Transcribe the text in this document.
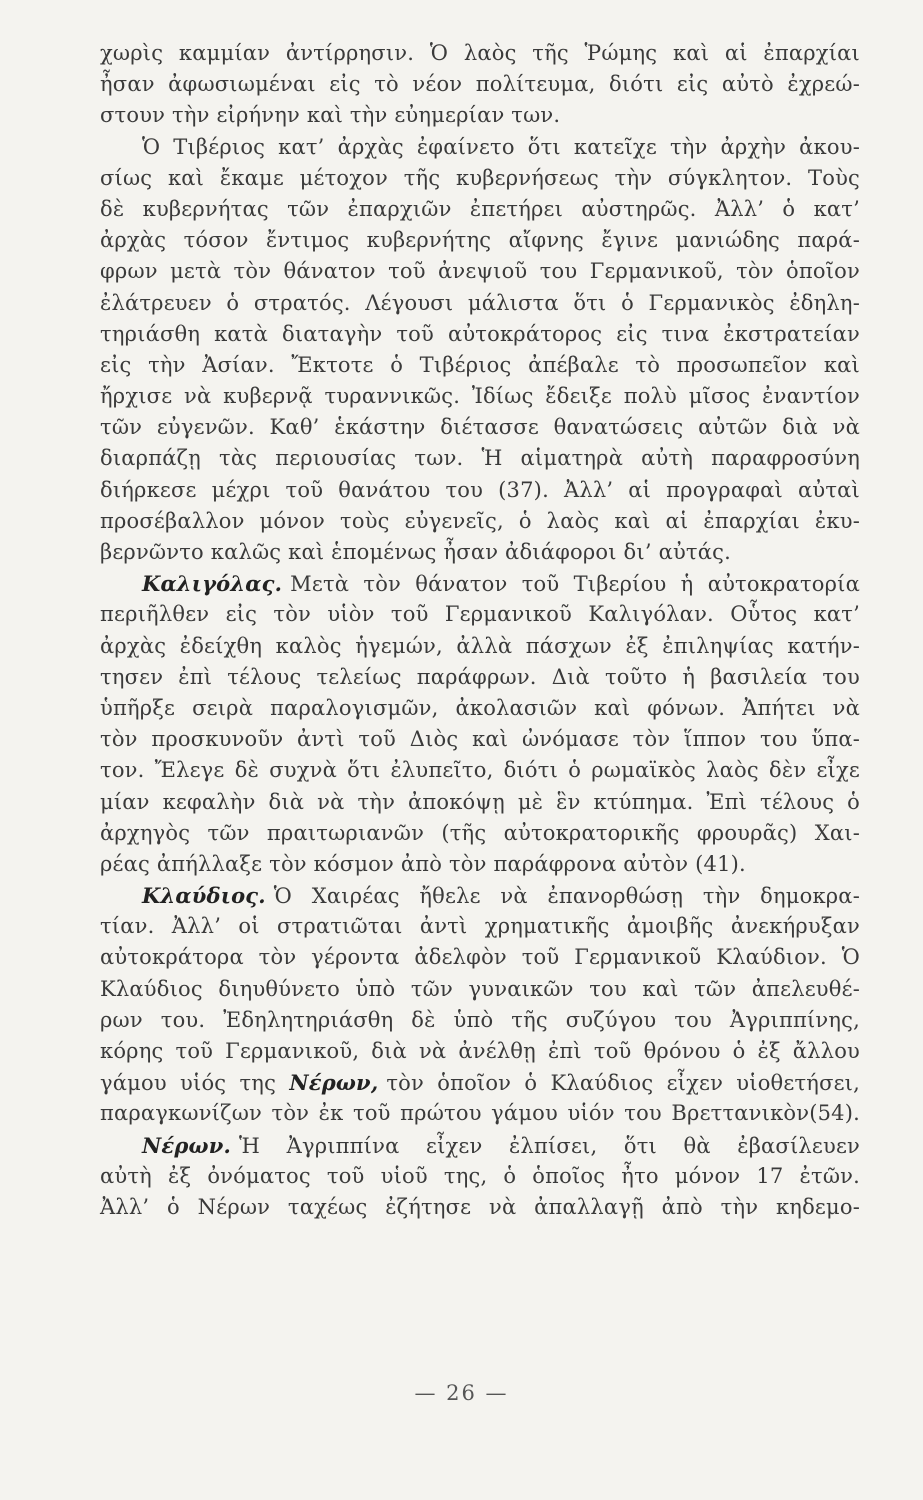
χωρὶς καμμίαν ἀντίρρησιν. Ὁ λαὸς τῆς Ῥώμης καὶ αἱ ἐπαρχίαι
ἦσαν ἀφωσιωμέναι εἰς τὸ νέον πολίτευμα, διότι εἰς αὐτὸ ἐχρεώ-
στουν τὴν εἰρήνην καὶ τὴν εὐημερίαν των.
Ὁ Τιβέριος κατ’ ἀρχὰς ἐφαίνετο ὅτι κατεῖχε τὴν ἀρχὴν ἀκου-
σίως καὶ ἔκαμε μέτοχον τῆς κυβερνήσεως τὴν σύγκλητον. Τοὺς
δὲ κυβερνήτας τῶν ἐπαρχιῶν ἐπετήρει αὐστηρῶς. Ἀλλ’ ὁ κατ’
ἀρχὰς τόσον ἔντιμος κυβερνήτης αἴφνης ἔγινε μανιώδης παρά-
φρων μετὰ τὸν θάνατον τοῦ ἀνεψιοῦ του Γερμανικοῦ, τὸν ὁποῖον
ἐλάτρευεν ὁ στρατός. Λέγουσι μάλιστα ὅτι ὁ Γερμανικὸς ἐδηλη-
τηριάσθη κατὰ διαταγὴν τοῦ αὐτοκράτορος εἰς τινα ἐκστρατείαν
εἰς τὴν Ἀσίαν. Ἔκτοτε ὁ Τιβέριος ἀπέβαλε τὸ προσωπεῖον καὶ
ἤρχισε νὰ κυβερνᾷ τυραννικῶς. Ἰδίως ἔδειξε πολὺ μῖσος ἐναντίον
τῶν εὐγενῶν. Καθ’ ἑκάστην διέτασσε θανατώσεις αὐτῶν διὰ νὰ
διαρπάζῃ τὰς περιουσίας των. Ἡ αἱματηρὰ αὐτὴ παραφροσύνη
διήρκεσε μέχρι τοῦ θανάτου του (37). Ἀλλ’ αἱ προγραφαὶ αὐταὶ
προσέβαλλον μόνον τοὺς εὐγενεῖς, ὁ λαὸς καὶ αἱ ἐπαρχίαι ἐκυ-
βερνῶντο καλῶς καὶ ἑπομένως ἦσαν ἀδιάφοροι δι’ αὐτάς.
Καλιγόλας. Μετὰ τὸν θάνατον τοῦ Τιβερίου ἡ αὐτοκρατορία
περιῆλθεν εἰς τὸν υἱὸν τοῦ Γερμανικοῦ Καλιγόλαν. Οὗτος κατ’
ἀρχὰς ἐδείχθη καλὸς ἡγεμών, ἀλλὰ πάσχων ἐξ ἐπιληψίας κατήν-
τησεν ἐπὶ τέλους τελείως παράφρων. Διὰ τοῦτο ἡ βασιλεία του
ὑπῆρξε σειρὰ παραλογισμῶν, ἀκολασιῶν καὶ φόνων. Ἀπήτει νὰ
τὸν προσκυνοῦν ἀντὶ τοῦ Διὸς καὶ ὠνόμασε τὸν ἵππον του ὕπα-
τον. Ἔλεγε δὲ συχνὰ ὅτι ἐλυπεῖτο, διότι ὁ ρωμαϊκὸς λαὸς δὲν εἶχε
μίαν κεφαλὴν διὰ νὰ τὴν ἀποκόψῃ μὲ ἓν κτύπημα. Ἐπὶ τέλους ὁ
ἀρχηγὸς τῶν πραιτωριανῶν (τῆς αὐτοκρατορικῆς φρουρᾶς) Χαι-
ρέας ἀπήλλαξε τὸν κόσμον ἀπὸ τὸν παράφρονα αὐτὸν (41).
Κλαύδιος. Ὁ Χαιρέας ἤθελε νὰ ἐπανορθώσῃ τὴν δημοκρα-
τίαν. Ἀλλ’ οἱ στρατιῶται ἀντὶ χρηματικῆς ἀμοιβῆς ἀνεκήρυξαν
αὐτοκράτορα τὸν γέροντα ἀδελφὸν τοῦ Γερμανικοῦ Κλαύδιον. Ὁ
Κλαύδιος διηυθύνετο ὑπὸ τῶν γυναικῶν του καὶ τῶν ἀπελευθέ-
ρων του. Ἐδηλητηριάσθη δὲ ὑπὸ τῆς συζύγου του Ἀγριππίνης,
κόρης τοῦ Γερμανικοῦ, διὰ νὰ ἀνέλθῃ ἐπὶ τοῦ θρόνου ὁ ἐξ ἄλλου
γάμου υἱός της Νέρων, τὸν ὁποῖον ὁ Κλαύδιος εἶχεν υἱοθετήσει,
παραγκωνίζων τὸν ἐκ τοῦ πρώτου γάμου υἱόν του Βρεττανικὸν(54).
Νέρων. Ἡ Ἀγριππίνα εἶχεν ἐλπίσει, ὅτι θὰ ἐβασίλευεν
αὐτὴ ἐξ ὀνόματος τοῦ υἱοῦ της, ὁ ὁποῖος ἦτο μόνον 17 ἐτῶν.
Ἀλλ’ ὁ Νέρων ταχέως ἐζήτησε νὰ ἀπαλλαγῇ ἀπὸ τὴν κηδεμο-
— 26 —
